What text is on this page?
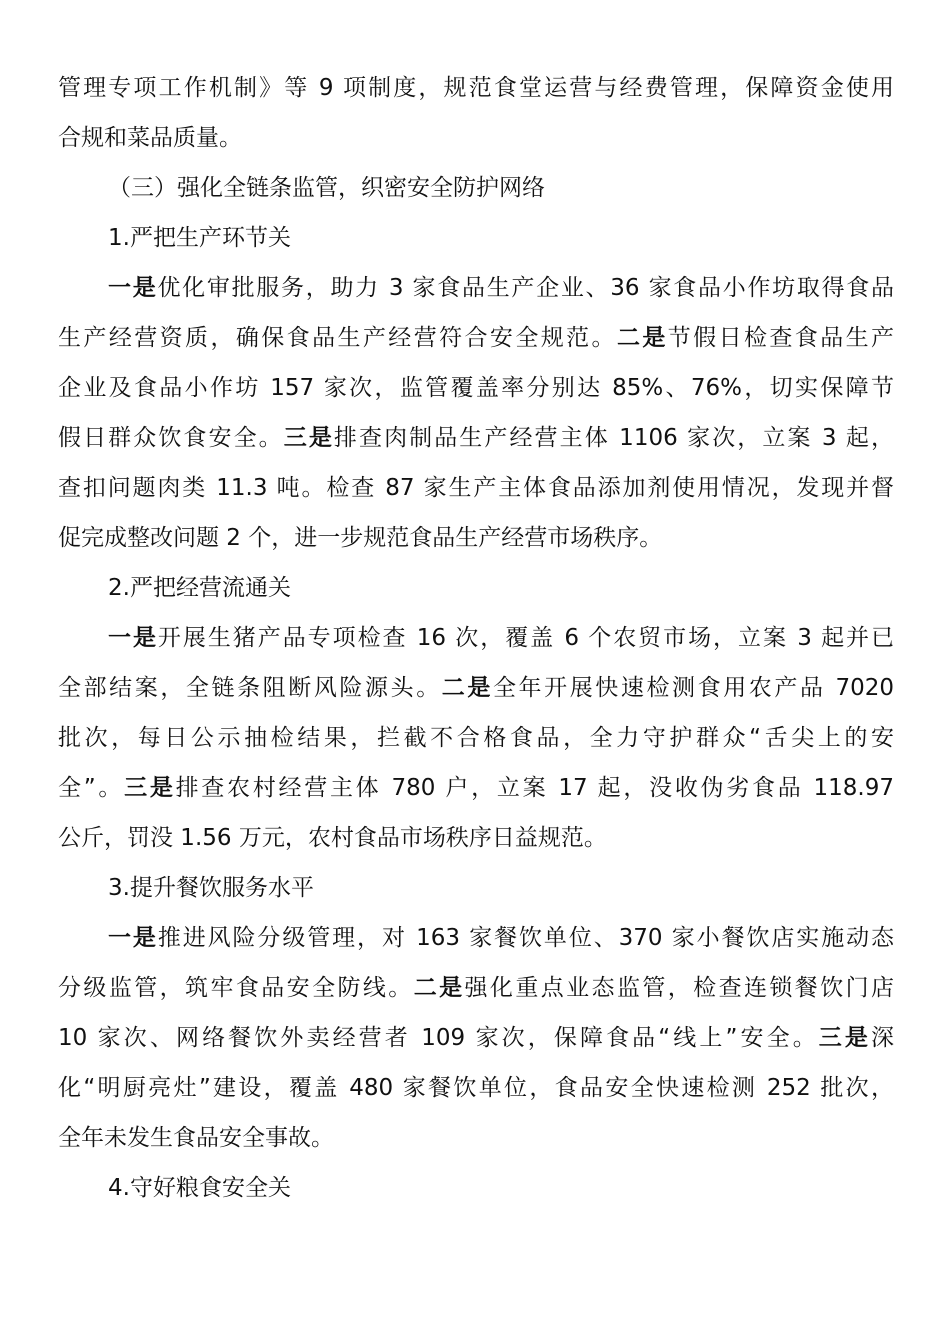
管理专项工作机制》等 9 项制度，规范食堂运营与经费管理，保障资金使用
合规和菜品质量。
（三）强化全链条监管，织密安全防护网络
1.严把生产环节关
一是优化审批服务，助力 3 家食品生产企业、36 家食品小作坊取得食品
生产经营资质，确保食品生产经营符合安全规范。二是节假日检查食品生产
企业及食品小作坊 157 家次，监管覆盖率分别达 85%、76%，切实保障节
假日群众饮食安全。三是排查肉制品生产经营主体 1106 家次，立案 3 起，
查扣问题肉类 11.3 吨。检查 87 家生产主体食品添加剂使用情况，发现并督
促完成整改问题 2 个，进一步规范食品生产经营市场秩序。
2.严把经营流通关
一是开展生猪产品专项检查 16 次，覆盖 6 个农贸市场，立案 3 起并已
全部结案，全链条阻断风险源头。二是全年开展快速检测食用农产品 7020
批次，每日公示抽检结果，拦截不合格食品，全力守护群众“舌尖上的安
全”。三是排查农村经营主体 780 户，立案 17 起，没收伪劣食品 118.97
公斤，罚没 1.56 万元，农村食品市场秩序日益规范。
3.提升餐饮服务水平
一是推进风险分级管理，对 163 家餐饮单位、370 家小餐饮店实施动态
分级监管，筑牢食品安全防线。二是强化重点业态监管，检查连锁餐饮门店
10 家次、网络餐饮外卖经营者 109 家次，保障食品“线上”安全。三是深
化“明厨亮灶”建设，覆盖 480 家餐饮单位，食品安全快速检测 252 批次，
全年未发生食品安全事故。
4.守好粮食安全关
